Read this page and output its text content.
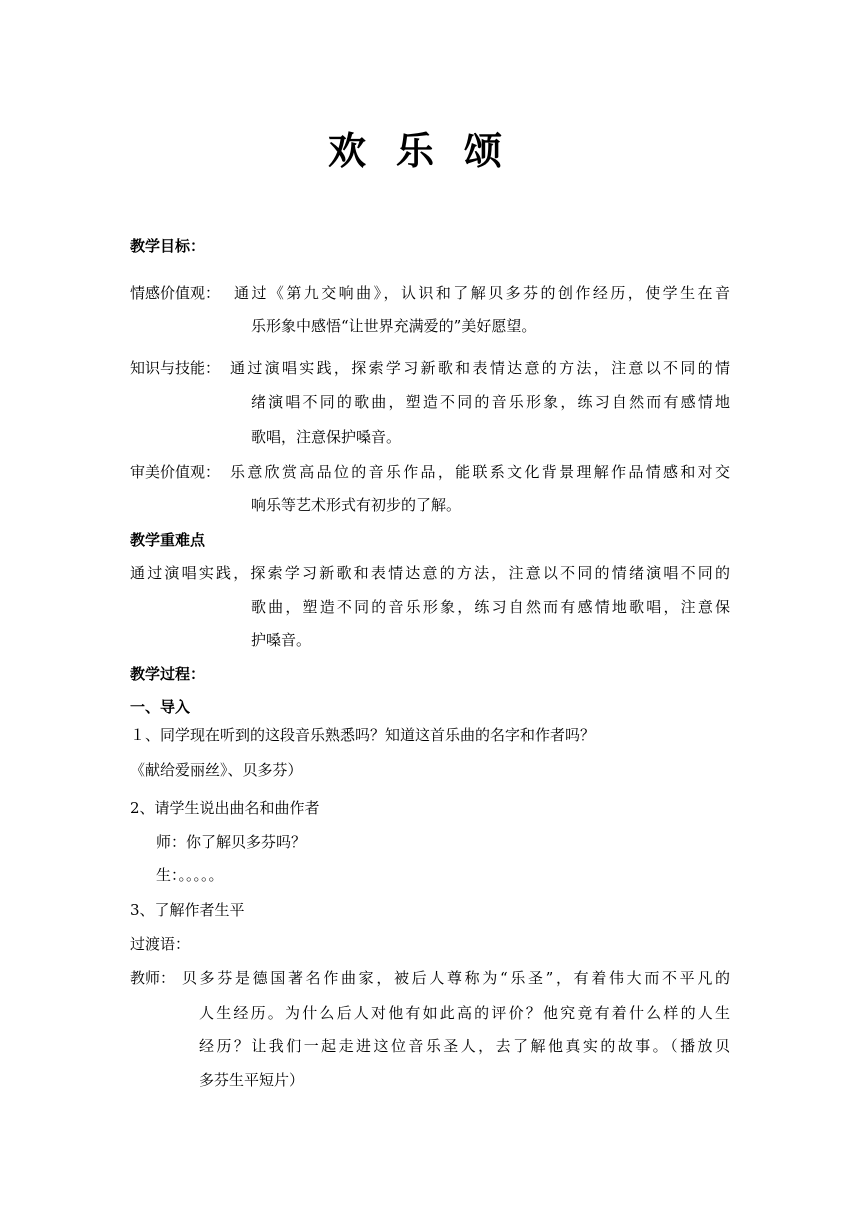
欢乐颂
教学目标：
情感价值观： 通过《第九交响曲》，认识和了解贝多芬的创作经历，使学生在音
乐形象中感悟“让世界充满爱的”美好愿望。
知识与技能： 通过演唱实践，探索学习新歌和表情达意的方法，注意以不同的情
绪演唱不同的歌曲，塑造不同的音乐形象，练习自然而有感情地
歌唱，注意保护嗓音。
审美价值观： 乐意欣赏高品位的音乐作品，能联系文化背景理解作品情感和对交
响乐等艺术形式有初步的了解。
教学重难点
通过演唱实践，探索学习新歌和表情达意的方法，注意以不同的情绪演唱不同的
歌曲，塑造不同的音乐形象，练习自然而有感情地歌唱，注意保
护嗓音。
教学过程：
一、导入
１、同学现在听到的这段音乐熟悉吗？知道这首乐曲的名字和作者吗？
《献给爱丽丝》、贝多芬）
2、请学生说出曲名和曲作者
师：你了解贝多芬吗？
生：。。。。。
3、了解作者生平
过渡语：
教师： 贝多芬是德国著名作曲家，被后人尊称为“乐圣”，有着伟大而不平凡的
人生经历。为什么后人对他有如此高的评价？他究竟有着什么样的人生
经历？让我们一起走进这位音乐圣人，去了解他真实的故事。（播放贝
多芬生平短片）
